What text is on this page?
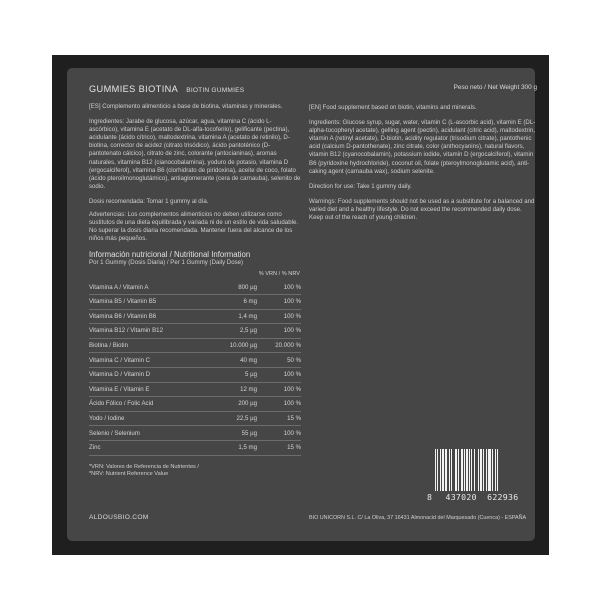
GUMMIES BIOTINA BIOTIN GUMMIES

[ES] Complemento alimenticio a base de biotina, vitaminas y minerales.

Ingredientes: Jarabe de glucosa, azúcar, agua, vitamina C (ácido L-ascórbico), vitamina E (acetato de DL-alfa-tocoferilo), gelificante (pectina), acidulante (ácido cítrico), maltodextrina, vitamina A (acetato de retinilo), D-biotina, corrector de acidez (citrato trisódico), ácido pantoténico (D-pantotenato cálcico), citrato de zinc, colorante (antocianinas), aromas naturales, vitamina B12 (cianocobalamina), yoduro de potasio, vitamina D (ergocalciferol), vitamina B6 (clorhidrato de piridoxina), aceite de coco, folato (ácido pteroilmonoglutámico), antiaglomerante (cera de carnauba), selenito de sodio.

Dosis recomendada: Tomar 1 gummy al día.

Advertencias: Los complementos alimenticios no deben utilizarse como sustitutos de una dieta equilibrada y variada ni de un estilo de vida saludable. No superar la dosis diaria recomendada. Mantener fuera del alcance de los niños más pequeños.

Información nutricional / Nutritional Information
Por 1 Gummy (Dosis Diaria) / Per 1 Gummy (Daily Dose)
	% VRN / % NRV	
Vitamina A / Vitamin A	800 µg	100 %
Vitamina B5 / Vitamin B5	6 mg	100 %
Vitamina B6 / Vitamin B6	1,4 mg	100 %
Vitamina B12 / Vitamin B12	2,5 µg	100 %
Biotina / Biotin	10.000 µg	20.000 %
Vitamina C / Vitamin C	40 mg	50 %
Vitamina D / Vitamin D	5 µg	100 %
Vitamina E / Vitamin E	12 mg	100 %
Ácido Fólico / Folic Acid	200 µg	100 %
Yodo / Iodine	22,5 µg	15 %
Selenio / Selenium	55 µg	100 %
Zinc	1,5 mg	15 %
*VRN: Valores de Referencia de Nutrientes /
*NRV: Nutrient Reference Value
Peso neto / Net Weight 300 g

[EN] Food supplement based on biotin, vitamins and minerals.

Ingredients: Glucose syrup, sugar, water, vitamin C (L-ascorbic acid), vitamin E (DL-alpha-tocopheryl acetate), gelling agent (pectin), acidulant (citric acid), maltodextrin, vitamin A (retinyl acetate), D-biotin, acidity regulator (trisodium citrate), pantothenic acid (calcium D-pantothenate), zinc citrate, color (anthocyanins), natural flavors, vitamin B12 (cyanocobalamin), potassium iodide, vitamin D (ergocalciferol), vitamin B6 (pyridoxine hydrochloride), coconut oil, folate (pteroylmonoglutamic acid), anti-caking agent (carnauba wax), sodium selenite.

Direction for use: Take 1 gummy daily.

Warnings: Food supplements should not be used as a substitute for a balanced and varied diet and a healthy lifestyle. Do not exceed the recommended daily dose. Keep out of the reach of young children.

8 437020 622936
ALDOUSBIO.COM	BIO UNICORN S.L. C/ La Oliva, 37 16431 Almonacid del Marquesado (Cuenca) - ESPAÑA
